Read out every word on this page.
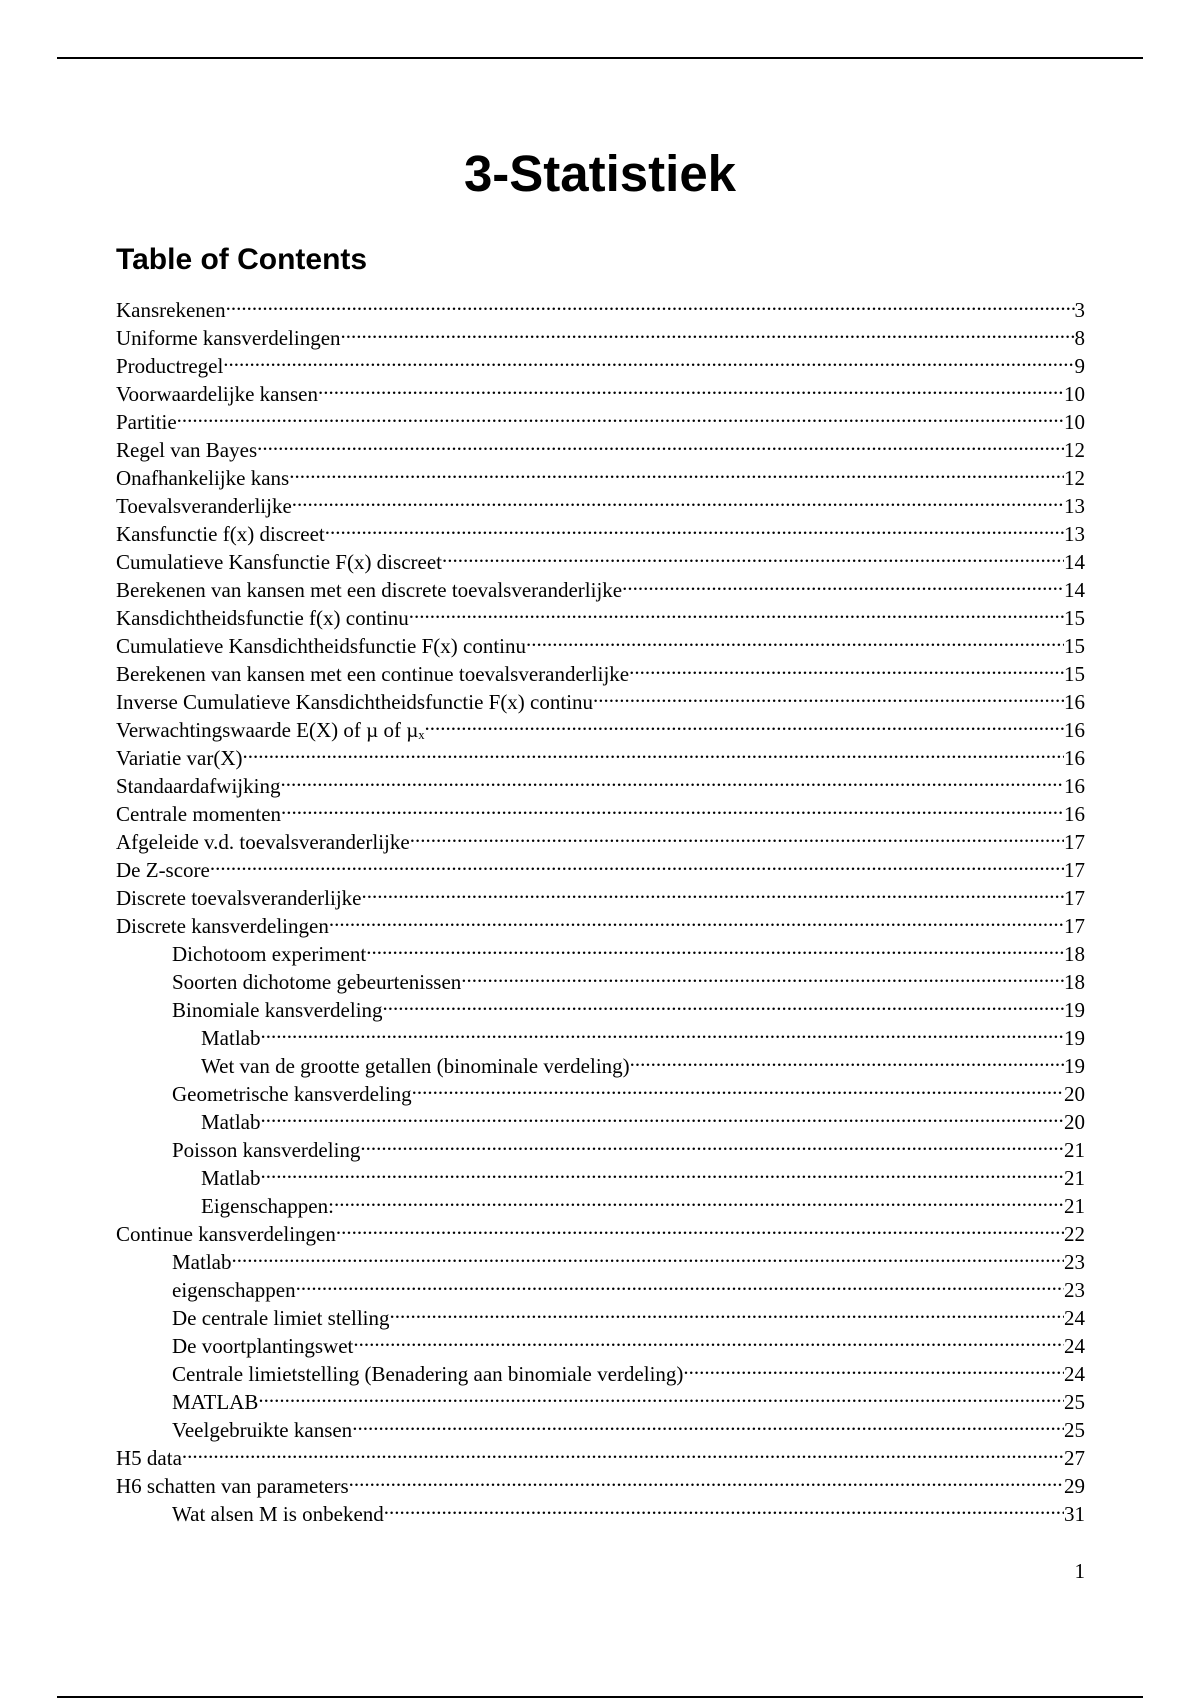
3-Statistiek
Table of Contents
Kansrekenen .....	3
Uniforme kansverdelingen .....	8
Productregel .....	9
Voorwaardelijke kansen .....	10
Partitie .....	10
Regel van Bayes .....	12
Onafhankelijke kans .....	12
Toevalsveranderlijke .....	13
Kansfunctie f(x) discreet .....	13
Cumulatieve Kansfunctie F(x) discreet .....	14
Berekenen van kansen met een discrete toevalsveranderlijke .....	14
Kansdichtheidsfunctie f(x) continu .....	15
Cumulatieve Kansdichtheidsfunctie F(x) continu .....	15
Berekenen van kansen met een continue toevalsveranderlijke .....	15
Inverse Cumulatieve Kansdichtheidsfunctie F(x) continu .....	16
Verwachtingswaarde E(X) of µ of µₓ .....	16
Variatie var(X) .....	16
Standaardafwijking .....	16
Centrale momenten .....	16
Afgeleide v.d. toevalsveranderlijke .....	17
De Z-score .....	17
Discrete toevalsveranderlijke .....	17
Discrete kansverdelingen .....	17
Dichotoom experiment .....	18
Soorten dichotome gebeurtenissen .....	18
Binomiale kansverdeling .....	19
Matlab .....	19
Wet van de grootte getallen (binominale verdeling) .....	19
Geometrische kansverdeling .....	20
Matlab .....	20
Poisson kansverdeling .....	21
Matlab .....	21
Eigenschappen: .....	21
Continue kansverdelingen .....	22
Matlab .....	23
eigenschappen .....	23
De centrale limiet stelling .....	24
De voortplantingswet .....	24
Centrale limietstelling (Benadering aan binomiale verdeling) .....	24
MATLAB .....	25
Veelgebruikte kansen .....	25
H5 data .....	27
H6 schatten van parameters .....	29
Wat alsen M is onbekend .....	31
1
